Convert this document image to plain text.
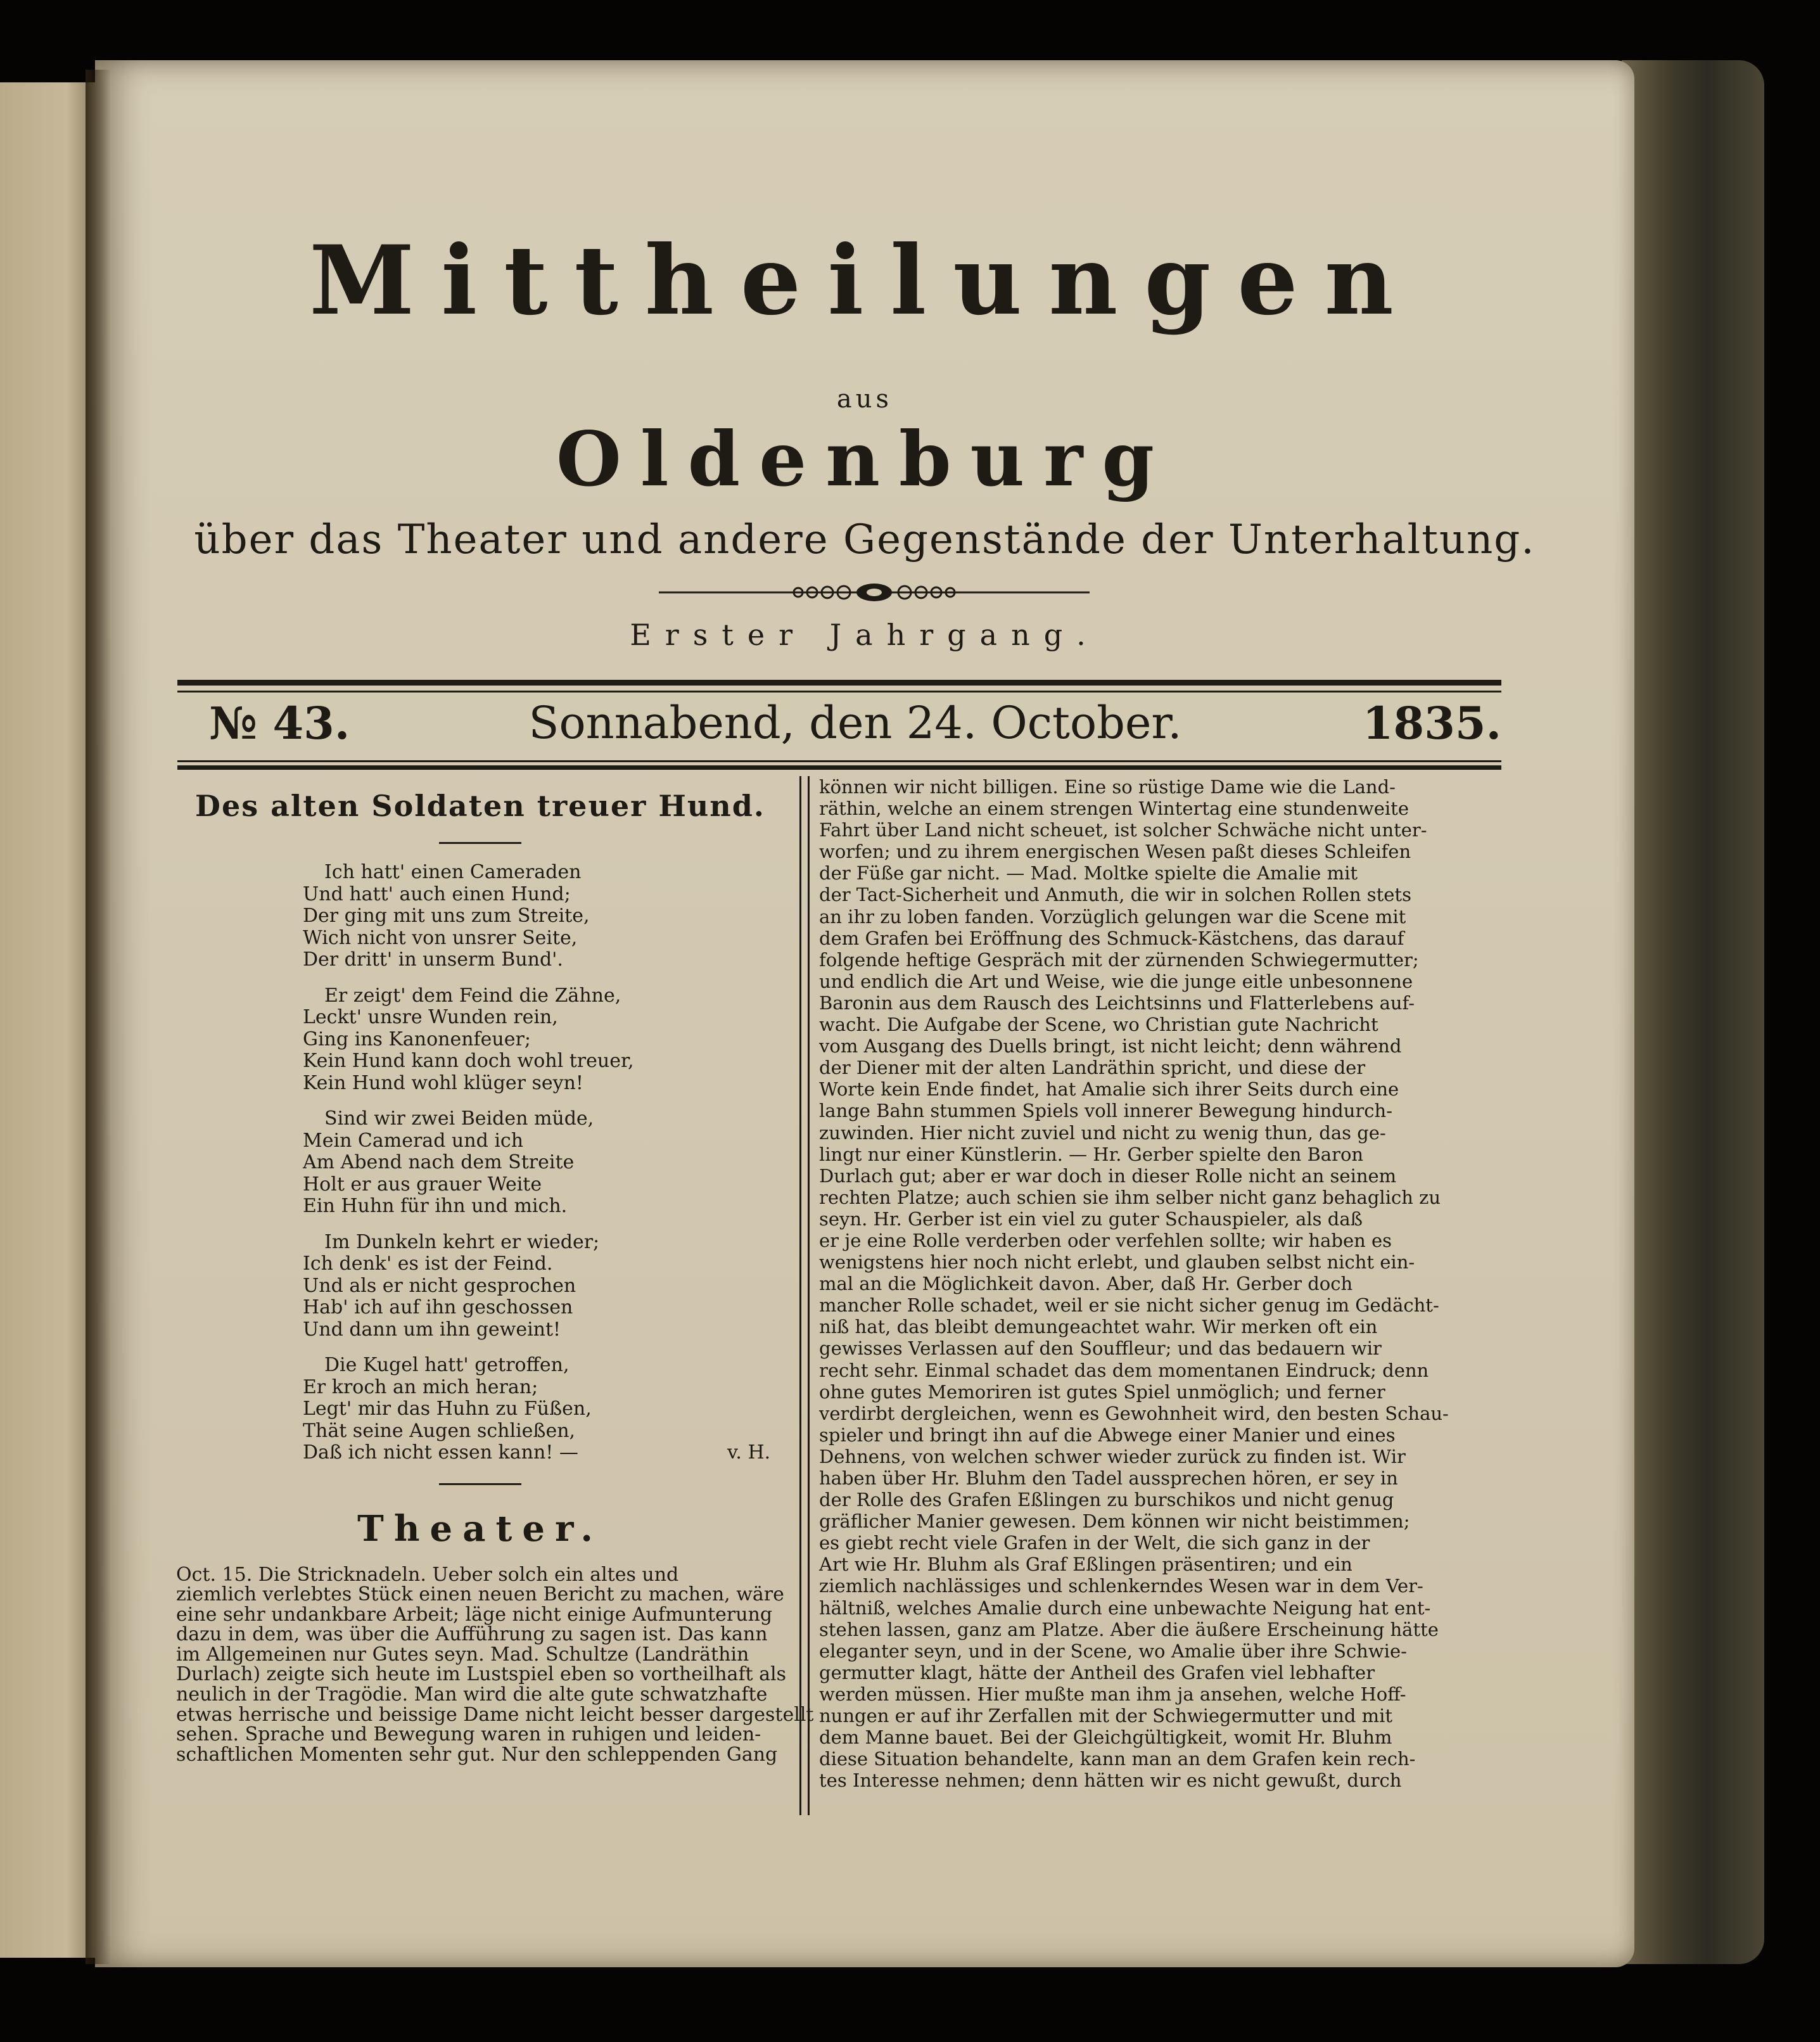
Mittheilungen
aus
Oldenburg
über das Theater und andere Gegenstände der Unterhaltung.
Erster Jahrgang.
№ 43.	Sonnabend, den 24. October.	1835.
Des alten Soldaten treuer Hund.
Ich hatt' einen Cameraden
Und hatt' auch einen Hund;
Der ging mit uns zum Streite,
Wich nicht von unsrer Seite,
Der dritt' in unserm Bund'.
Er zeigt' dem Feind die Zähne,
Leckt' unsre Wunden rein,
Ging ins Kanonenfeuer;
Kein Hund kann doch wohl treuer,
Kein Hund wohl klüger seyn!
Sind wir zwei Beiden müde,
Mein Camerad und ich
Am Abend nach dem Streite
Holt er aus grauer Weite
Ein Huhn für ihn und mich.
Im Dunkeln kehrt er wieder;
Ich denk' es ist der Feind.
Und als er nicht gesprochen
Hab' ich auf ihn geschossen
Und dann um ihn geweint!
Die Kugel hatt' getroffen,
Er kroch an mich heran;
Legt' mir das Huhn zu Füßen,
Thät seine Augen schließen,
Daß ich nicht essen kann! —	v. H.
Theater.
Oct. 15. Die Stricknadeln. Ueber solch ein altes und
ziemlich verlebtes Stück einen neuen Bericht zu machen, wäre
eine sehr undankbare Arbeit; läge nicht einige Aufmunterung
dazu in dem, was über die Aufführung zu sagen ist. Das kann
im Allgemeinen nur Gutes seyn. Mad. Schultze (Landräthin
Durlach) zeigte sich heute im Lustspiel eben so vortheilhaft als
neulich in der Tragödie. Man wird die alte gute schwatzhafte
etwas herrische und beissige Dame nicht leicht besser dargestellt
sehen. Sprache und Bewegung waren in ruhigen und leiden-
schaftlichen Momenten sehr gut. Nur den schleppenden Gang
können wir nicht billigen. Eine so rüstige Dame wie die Land-
räthin, welche an einem strengen Wintertag eine stundenweite
Fahrt über Land nicht scheuet, ist solcher Schwäche nicht unter-
worfen; und zu ihrem energischen Wesen paßt dieses Schleifen
der Füße gar nicht. — Mad. Moltke spielte die Amalie mit
der Tact-Sicherheit und Anmuth, die wir in solchen Rollen stets
an ihr zu loben fanden. Vorzüglich gelungen war die Scene mit
dem Grafen bei Eröffnung des Schmuck-Kästchens, das darauf
folgende heftige Gespräch mit der zürnenden Schwiegermutter;
und endlich die Art und Weise, wie die junge eitle unbesonnene
Baronin aus dem Rausch des Leichtsinns und Flatterlebens auf-
wacht. Die Aufgabe der Scene, wo Christian gute Nachricht
vom Ausgang des Duells bringt, ist nicht leicht; denn während
der Diener mit der alten Landräthin spricht, und diese der
Worte kein Ende findet, hat Amalie sich ihrer Seits durch eine
lange Bahn stummen Spiels voll innerer Bewegung hindurch-
zuwinden. Hier nicht zuviel und nicht zu wenig thun, das ge-
lingt nur einer Künstlerin. — Hr. Gerber spielte den Baron
Durlach gut; aber er war doch in dieser Rolle nicht an seinem
rechten Platze; auch schien sie ihm selber nicht ganz behaglich zu
seyn. Hr. Gerber ist ein viel zu guter Schauspieler, als daß
er je eine Rolle verderben oder verfehlen sollte; wir haben es
wenigstens hier noch nicht erlebt, und glauben selbst nicht ein-
mal an die Möglichkeit davon. Aber, daß Hr. Gerber doch
mancher Rolle schadet, weil er sie nicht sicher genug im Gedächt-
niß hat, das bleibt demungeachtet wahr. Wir merken oft ein
gewisses Verlassen auf den Souffleur; und das bedauern wir
recht sehr. Einmal schadet das dem momentanen Eindruck; denn
ohne gutes Memoriren ist gutes Spiel unmöglich; und ferner
verdirbt dergleichen, wenn es Gewohnheit wird, den besten Schau-
spieler und bringt ihn auf die Abwege einer Manier und eines
Dehnens, von welchen schwer wieder zurück zu finden ist. Wir
haben über Hr. Bluhm den Tadel aussprechen hören, er sey in
der Rolle des Grafen Eßlingen zu burschikos und nicht genug
gräflicher Manier gewesen. Dem können wir nicht beistimmen;
es giebt recht viele Grafen in der Welt, die sich ganz in der
Art wie Hr. Bluhm als Graf Eßlingen präsentiren; und ein
ziemlich nachlässiges und schlenkerndes Wesen war in dem Ver-
hältniß, welches Amalie durch eine unbewachte Neigung hat ent-
stehen lassen, ganz am Platze. Aber die äußere Erscheinung hätte
eleganter seyn, und in der Scene, wo Amalie über ihre Schwie-
germutter klagt, hätte der Antheil des Grafen viel lebhafter
werden müssen. Hier mußte man ihm ja ansehen, welche Hoff-
nungen er auf ihr Zerfallen mit der Schwiegermutter und mit
dem Manne bauet. Bei der Gleichgültigkeit, womit Hr. Bluhm
diese Situation behandelte, kann man an dem Grafen kein rech-
tes Interesse nehmen; denn hätten wir es nicht gewußt, durch
